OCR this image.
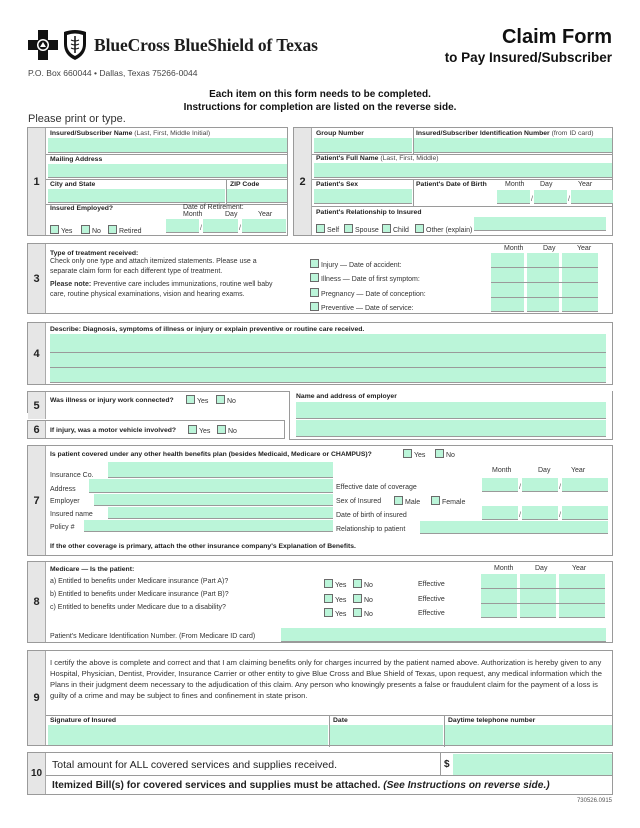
BlueCross BlueShield of Texas
P.O. Box 660044 • Dallas, Texas 75266-0044
Claim Form
to Pay Insured/Subscriber
Each item on this form needs to be completed.
Instructions for completion are listed on the reverse side.
Please print or type.
1
Insured/Subscriber Name (Last, First, Middle Initial)
Mailing Address
City and State	ZIP Code
Insured Employed?	Date of Retirement:
Month	Day	Year
Yes	No	Retired	/	/
2
Group Number	Insured/Subscriber Identification Number (from ID card)
Patient's Full Name (Last, First, Middle)
Patient's Sex	Patient's Date of Birth	Month Day	Year
/	/
Patient's Relationship to Insured
Self	Spouse	Child	Other (explain)
3
Type of treatment received:
Check only one type and attach itemized statements. Please use a separate claim form for each different type of treatment.
Please note: Preventive care includes immunizations, routine well baby care, routine physical examinations, vision and hearing exams.
Month	Day	Year
Injury — Date of accident:
Illness — Date of first symptom:
Pregnancy — Date of conception:
Preventive — Date of service:
4
Describe: Diagnosis, symptoms of illness or injury or explain preventive or routine care received.
5	Was illness or injury work connected?	Yes	No
Name and address of employer
6	If injury, was a motor vehicle involved?	Yes	No
7
Is patient covered under any other health benefits plan (besides Medicaid, Medicare or CHAMPUS)?	Yes	No
Insurance Co.
Address
Employer
Insured name
Policy #
Month	Day	Year
Effective date of coverage	/	/
Sex of Insured	Male	Female
Date of birth of insured	/	/
Relationship to patient
If the other coverage is primary, attach the other insurance company's Explanation of Benefits.
8
Medicare — Is the patient:
a) Entitled to benefits under Medicare insurance (Part A)?
b) Entitled to benefits under Medicare insurance (Part B)?
c) Entitled to benefits under Medicare due to a disability?
Month	Day	Year
Yes	No	Effective
Yes	No	Effective
Yes	No	Effective
Patient's Medicare Identification Number. (From Medicare ID card)
9
I certify the above is complete and correct and that I am claiming benefits only for charges incurred by the patient named above. Authorization is hereby given to any Hospital, Physician, Dentist, Provider, Insurance Carrier or other entity to give Blue Cross and Blue Shield of Texas, upon request, any medical information which the Plans in their judgment deem necessary to the adjudication of this claim. Any person who knowingly presents a false or fraudulent claim for the payment of a loss is guilty of a crime and may be subject to fines and confinement in state prison.
Signature of Insured	Date	Daytime telephone number
10
Total amount for ALL covered services and supplies received.	$
Itemized Bill(s) for covered services and supplies must be attached. (See Instructions on reverse side.)
730526.0915
